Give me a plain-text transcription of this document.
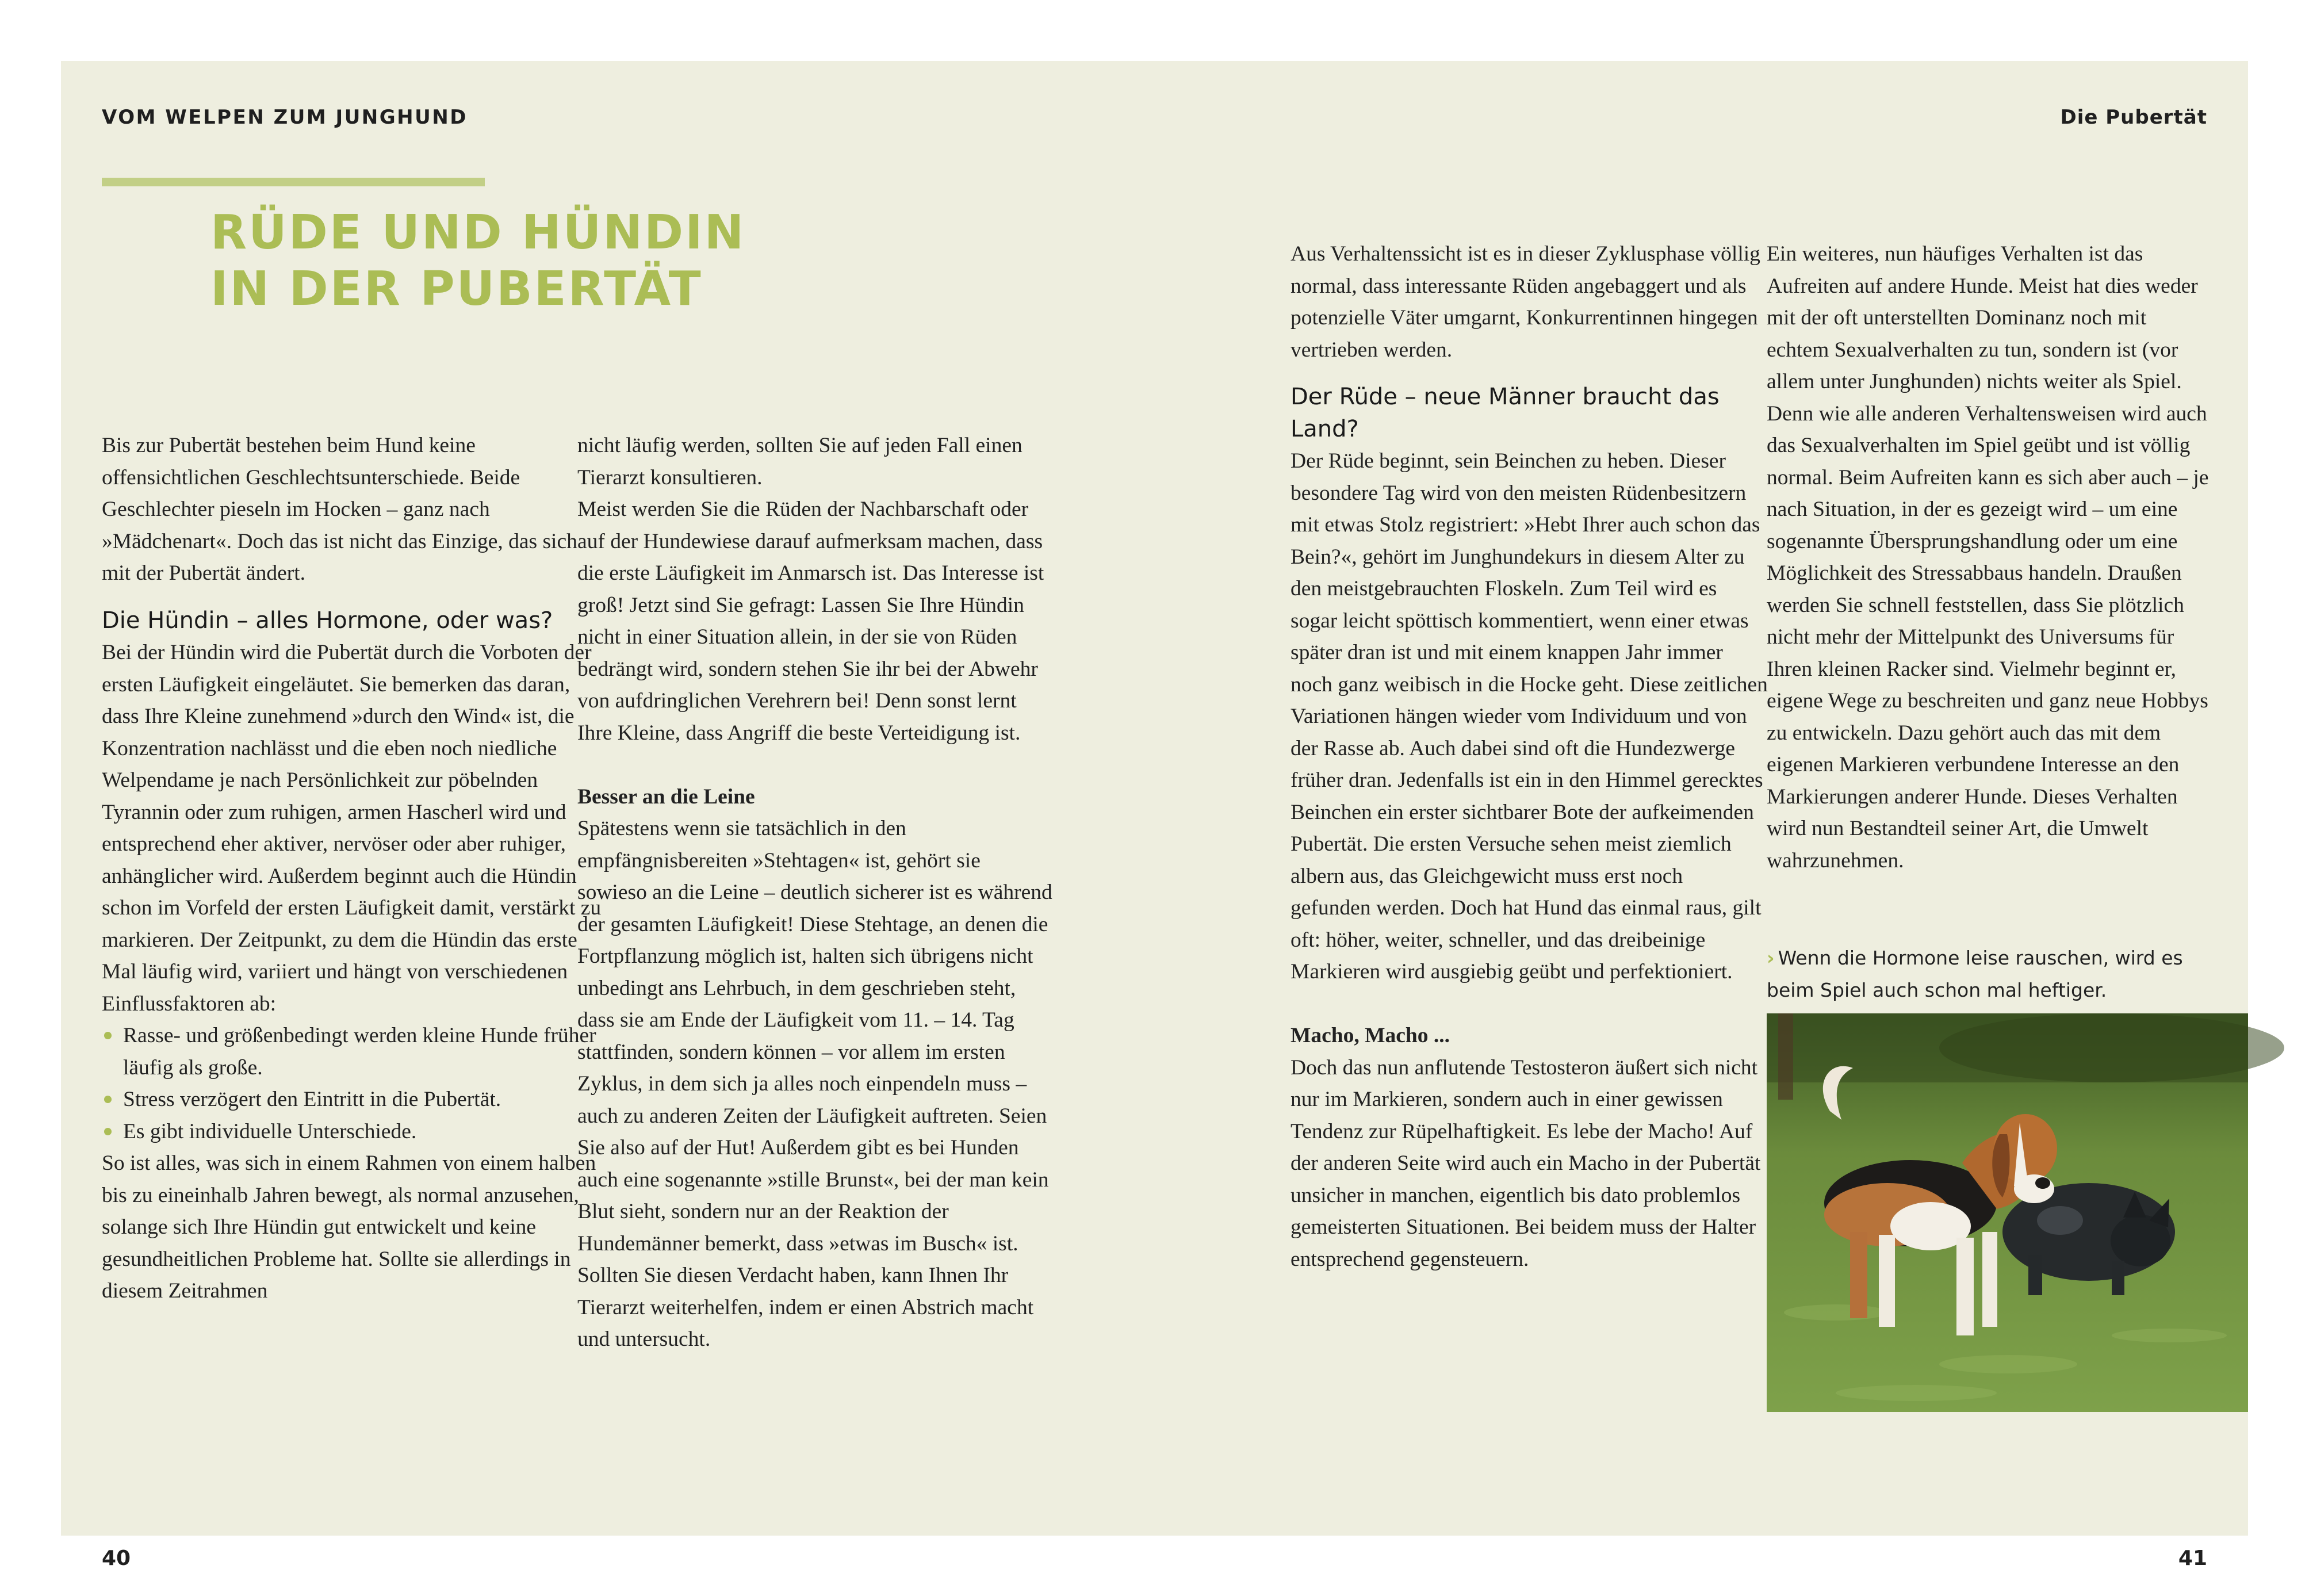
VOM WELPEN ZUM JUNGHUND	Die Pubertät
RÜDE UND HÜNDIN
IN DER PUBERTÄT

Bis zur Pubertät bestehen beim Hund keine offensichtlichen Geschlechtsunterschiede. Beide Geschlechter pieseln im Hocken – ganz nach »Mädchenart«. Doch das ist nicht das Einzige, das sich mit der Pubertät ändert.

Die Hündin – alles Hormone, oder was?

Bei der Hündin wird die Pubertät durch die Vorboten der ersten Läufigkeit eingeläutet. Sie bemerken das daran, dass Ihre Kleine zunehmend »durch den Wind« ist, die Konzentration nachlässt und die eben noch niedliche Welpendame je nach Persönlichkeit zur pöbelnden Tyrannin oder zum ruhigen, armen Hascherl wird und entsprechend eher aktiver, nervöser oder aber ruhiger, anhänglicher wird. Außerdem beginnt auch die Hündin schon im Vorfeld der ersten Läufigkeit damit, verstärkt zu markieren. Der Zeitpunkt, zu dem die Hündin das erste Mal läufig wird, variiert und hängt von verschiedenen Einflussfaktoren ab:

Rasse- und größenbedingt werden kleine Hunde früher läufig als große.
Stress verzögert den Eintritt in die Pubertät.
Es gibt individuelle Unterschiede.

So ist alles, was sich in einem Rahmen von einem halben bis zu eineinhalb Jahren bewegt, als normal anzusehen, solange sich Ihre Hündin gut entwickelt und keine gesundheitlichen Probleme hat. Sollte sie allerdings in diesem Zeitrahmen

nicht läufig werden, sollten Sie auf jeden Fall einen Tierarzt konsultieren.

Meist werden Sie die Rüden der Nachbarschaft oder auf der Hundewiese darauf aufmerksam machen, dass die erste Läufigkeit im Anmarsch ist. Das Interesse ist groß! Jetzt sind Sie gefragt: Lassen Sie Ihre Hündin nicht in einer Situation allein, in der sie von Rüden bedrängt wird, sondern stehen Sie ihr bei der Abwehr von aufdringlichen Verehrern bei! Denn sonst lernt Ihre Kleine, dass Angriff die beste Verteidigung ist.

Besser an die Leine

Spätestens wenn sie tatsächlich in den empfängnisbereiten »Stehtagen« ist, gehört sie sowieso an die Leine – deutlich sicherer ist es während der gesamten Läufigkeit! Diese Stehtage, an denen die Fortpflanzung möglich ist, halten sich übrigens nicht unbedingt ans Lehrbuch, in dem geschrieben steht, dass sie am Ende der Läufigkeit vom 11. – 14. Tag stattfinden, sondern können – vor allem im ersten Zyklus, in dem sich ja alles noch einpendeln muss – auch zu anderen Zeiten der Läufigkeit auftreten. Seien Sie also auf der Hut! Außerdem gibt es bei Hunden auch eine sogenannte »stille Brunst«, bei der man kein Blut sieht, sondern nur an der Reaktion der Hundemänner bemerkt, dass »etwas im Busch« ist. Sollten Sie diesen Verdacht haben, kann Ihnen Ihr Tierarzt weiterhelfen, indem er einen Abstrich macht und untersucht.

Aus Verhaltenssicht ist es in dieser Zyklusphase völlig normal, dass interessante Rüden angebaggert und als potenzielle Väter umgarnt, Konkurrentinnen hingegen vertrieben werden.

Der Rüde – neue Männer braucht das Land?

Der Rüde beginnt, sein Beinchen zu heben. Dieser besondere Tag wird von den meisten Rüdenbesitzern mit etwas Stolz registriert: »Hebt Ihrer auch schon das Bein?«, gehört im Junghundekurs in diesem Alter zu den meistgebrauchten Floskeln. Zum Teil wird es sogar leicht spöttisch kommentiert, wenn einer etwas später dran ist und mit einem knappen Jahr immer noch ganz weibisch in die Hocke geht. Diese zeitlichen Variationen hängen wieder vom Individuum und von der Rasse ab. Auch dabei sind oft die Hundezwerge früher dran. Jedenfalls ist ein in den Himmel gerecktes Beinchen ein erster sichtbarer Bote der aufkeimenden Pubertät. Die ersten Versuche sehen meist ziemlich albern aus, das Gleichgewicht muss erst noch gefunden werden. Doch hat Hund das einmal raus, gilt oft: höher, weiter, schneller, und das dreibeinige Markieren wird ausgiebig geübt und perfektioniert.

Macho, Macho ...

Doch das nun anflutende Testosteron äußert sich nicht nur im Markieren, sondern auch in einer gewissen Tendenz zur Rüpelhaftigkeit. Es lebe der Macho! Auf der anderen Seite wird auch ein Macho in der Pubertät unsicher in manchen, eigentlich bis dato problemlos gemeisterten Situationen. Bei beidem muss der Halter entsprechend gegensteuern.

Ein weiteres, nun häufiges Verhalten ist das Aufreiten auf andere Hunde. Meist hat dies weder mit der oft unterstellten Dominanz noch mit echtem Sexualverhalten zu tun, sondern ist (vor allem unter Junghunden) nichts weiter als Spiel. Denn wie alle anderen Verhaltensweisen wird auch das Sexualverhalten im Spiel geübt und ist völlig normal. Beim Aufreiten kann es sich aber auch – je nach Situation, in der es gezeigt wird – um eine sogenannte Übersprungshandlung oder um eine Möglichkeit des Stressabbaus handeln. Draußen werden Sie schnell feststellen, dass Sie plötzlich nicht mehr der Mittelpunkt des Universums für Ihren kleinen Racker sind. Vielmehr beginnt er, eigene Wege zu beschreiten und ganz neue Hobbys zu entwickeln. Dazu gehört auch das mit dem eigenen Markieren verbundene Interesse an den Markierungen anderer Hunde. Dieses Verhalten wird nun Bestandteil seiner Art, die Umwelt wahrzunehmen.

40	41
› Wenn die Hormone leise rauschen, wird es beim Spiel auch schon mal heftiger.
